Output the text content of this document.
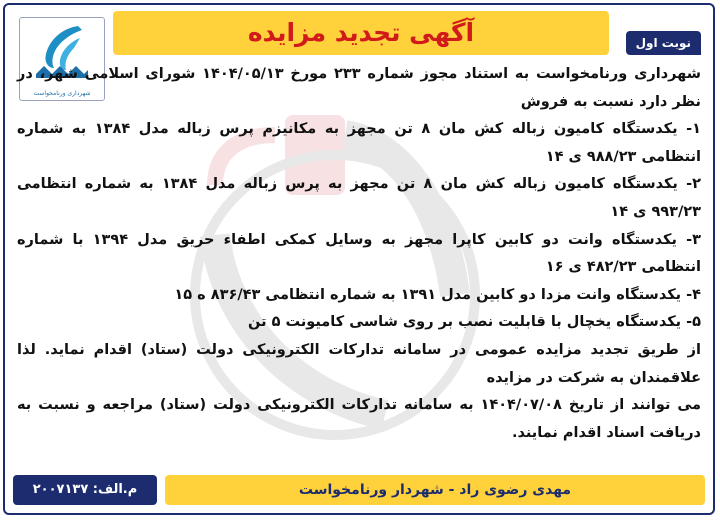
آگهی تجدید مزایده	نوبت اول
شهرداری ورنامخواست
شهرداری ورنامخواست به استناد مجوز شماره ۲۳۳ مورخ ۱۴۰۴/۰۵/۱۳ شورای اسلامی شهر، در نظر دارد نسبت به فروش
۱- یکدستگاه کامیون زباله کش مان ۸ تن مجهز به مکانیزم پرس زباله مدل ۱۳۸۴ به شماره انتظامی ۹۸۸/۲۳ ی ۱۴
۲- یکدستگاه کامیون زباله کش مان ۸ تن مجهز به پرس زباله مدل ۱۳۸۴ به شماره انتظامی ۹۹۳/۲۳ ی ۱۴
۳- یکدستگاه وانت دو کابین کاپرا مجهز به وسایل کمکی اطفاء حریق مدل ۱۳۹۴ با شماره انتظامی ۴۸۲/۲۳ ی ۱۶
۴- یکدستگاه وانت مزدا دو کابین مدل ۱۳۹۱ به شماره انتظامی ۸۳۶/۴۳ ه ۱۵
۵- یکدستگاه یخچال با قابلیت نصب بر روی شاسی کامیونت ۵ تن
از طریق تجدید مزایده عمومی در سامانه تدارکات الکترونیکی دولت (ستاد) اقدام نماید. لذا علاقمندان به شرکت در مزایده
می توانند از تاریخ ۱۴۰۴/۰۷/۰۸ به سامانه تدارکات الکترونیکی دولت (ستاد) مراجعه و نسبت به دریافت اسناد اقدام نمایند.
مهدی رضوی راد - شهردار ورنامخواست
م.الف: ۲۰۰۷۱۳۷
